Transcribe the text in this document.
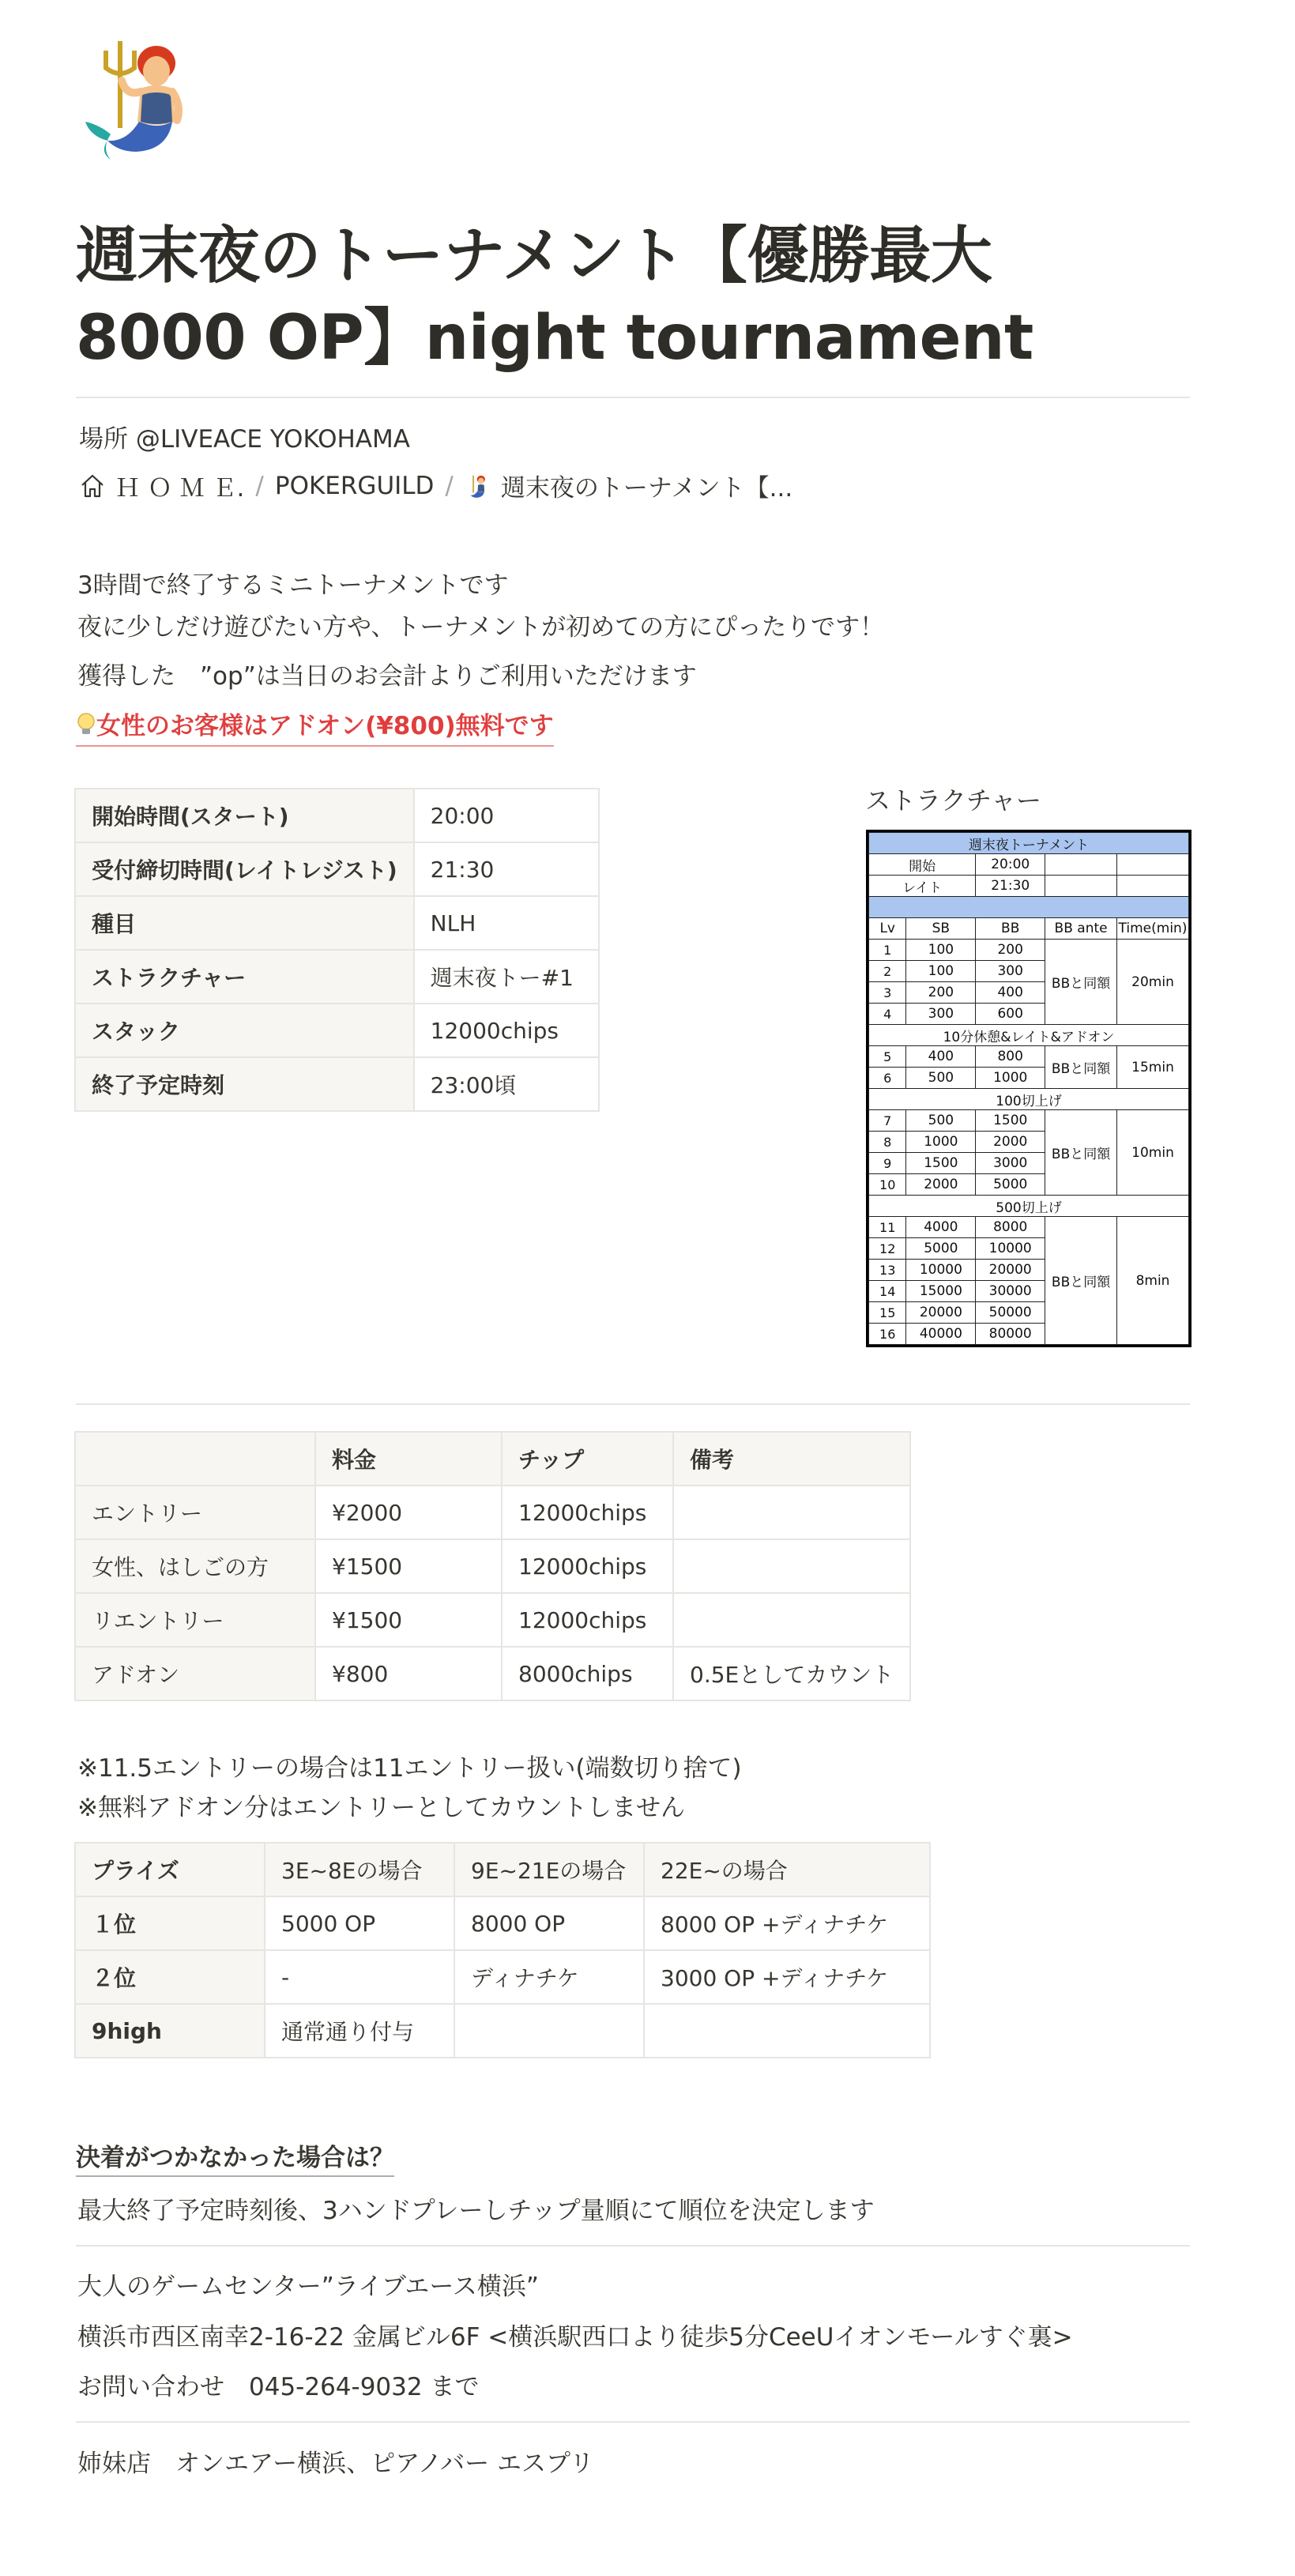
週末夜のトーナメント【優勝最大
8000 OP】night tournament
場所 @LIVEACE YOKOHAMA
Ｈ Ｏ Ｍ Ｅ. / POKERGUILD / 週末夜のトーナメント【...
3時間で終了するミニトーナメントです
夜に少しだけ遊びたい方や、トーナメントが初めての方にぴったりです！
獲得した　”op”は当日のお会計よりご利用いただけます
女性のお客様はアドオン(¥800)無料です
開始時間(スタート)	20:00
受付締切時間(レイトレジスト)	21:30
種目	NLH
ストラクチャー	週末夜トー#1
スタック	12000chips
終了予定時刻	23:00頃
ストラクチャー
週末夜トーナメント				
開始		20:00		
レイト		21:30		

Lv	SB	BB	BB ante	Time(min)
1	100	200	BBと同額	20min
2	100	300		
3	200	400		
4	300	600		
10分休憩&レイト&アドオン				
5	400	800	BBと同額	15min
6	500	1000		
100切上げ				
7	500	1500	BBと同額	10min
8	1000	2000		
9	1500	3000		
10	2000	5000		
500切上げ				
11	4000	8000	BBと同額	8min
12	5000	10000		
13	10000	20000		
14	15000	30000		
15	20000	50000		
16	40000	80000		
	料金	チップ	備考
エントリー	¥2000	12000chips	
女性、はしごの方	¥1500	12000chips	
リエントリー	¥1500	12000chips	
アドオン	¥800	8000chips	0.5Eとしてカウント
※11.5エントリーの場合は11エントリー扱い(端数切り捨て)
※無料アドオン分はエントリーとしてカウントしません
プライズ	3E~8Eの場合	9E~21Eの場合	22E~の場合
１位	5000 OP	8000 OP	8000 OP +ディナチケ
２位	-	ディナチケ	3000 OP +ディナチケ
9high	通常通り付与		
決着がつかなかった場合は？
最大終了予定時刻後、3ハンドプレーしチップ量順にて順位を決定します
大人のゲームセンター”ライブエース横浜”
横浜市西区南幸2-16-22 金属ビル6F <横浜駅西口より徒歩5分CeeUイオンモールすぐ裏>
お問い合わせ　045-264-9032 まで
姉妹店　オンエアー横浜、ピアノバー エスプリ
